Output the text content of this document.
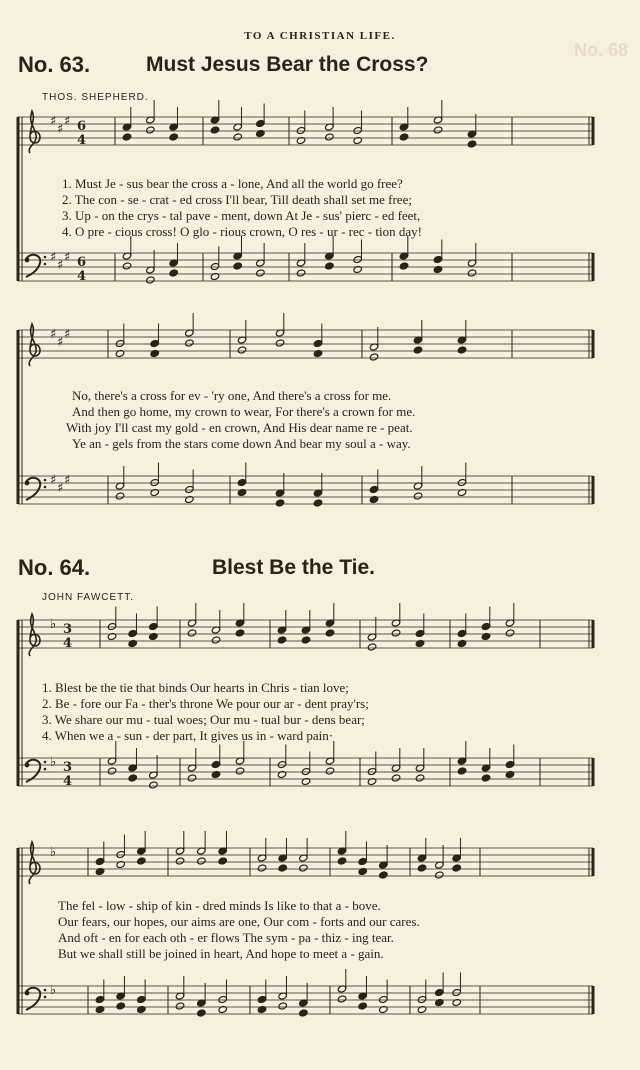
TO A CHRISTIAN LIFE.
No. 68
No. 63.	Must Jesus Bear the Cross?
THOS. SHEPHERD.
♯
♯
♯ 6
4
♯
♯
♯ 6
4
1. Must Je - sus bear the cross a - lone, And all the world go free?
2. The con - se - crat - ed cross I'll bear, Till death shall set me free;
3. Up - on the crys - tal pave - ment, down At Je - sus' pierc - ed feet,
4. O pre - cious cross! O glo - rious crown, O res - ur - rec - tion day!
♯
♯
♯
♯
♯
♯
No, there's a cross for ev - 'ry one, And there's a cross for me.
And then go home, my crown to wear, For there's a crown for me.
With joy I'll cast my gold - en crown, And His dear name re - peat.
Ye an - gels from the stars come down And bear my soul a - way.
No. 64.	Blest Be the Tie.
JOHN FAWCETT.
♭ 3
4
♭ 3
4
1. Blest be the tie that binds Our hearts in Chris - tian love;
2. Be - fore our Fa - ther's throne We pour our ar - dent pray'rs;
3. We share our mu - tual woes; Our mu - tual bur - dens bear;
4. When we a - sun - der part, It gives us in - ward pain·
♭
♭
The fel - low - ship of kin - dred minds Is like to that a - bove.
Our fears, our hopes, our aims are one, Our com - forts and our cares.
And oft - en for each oth - er flows The sym - pa - thiz - ing tear.
But we shall still be joined in heart, And hope to meet a - gain.
